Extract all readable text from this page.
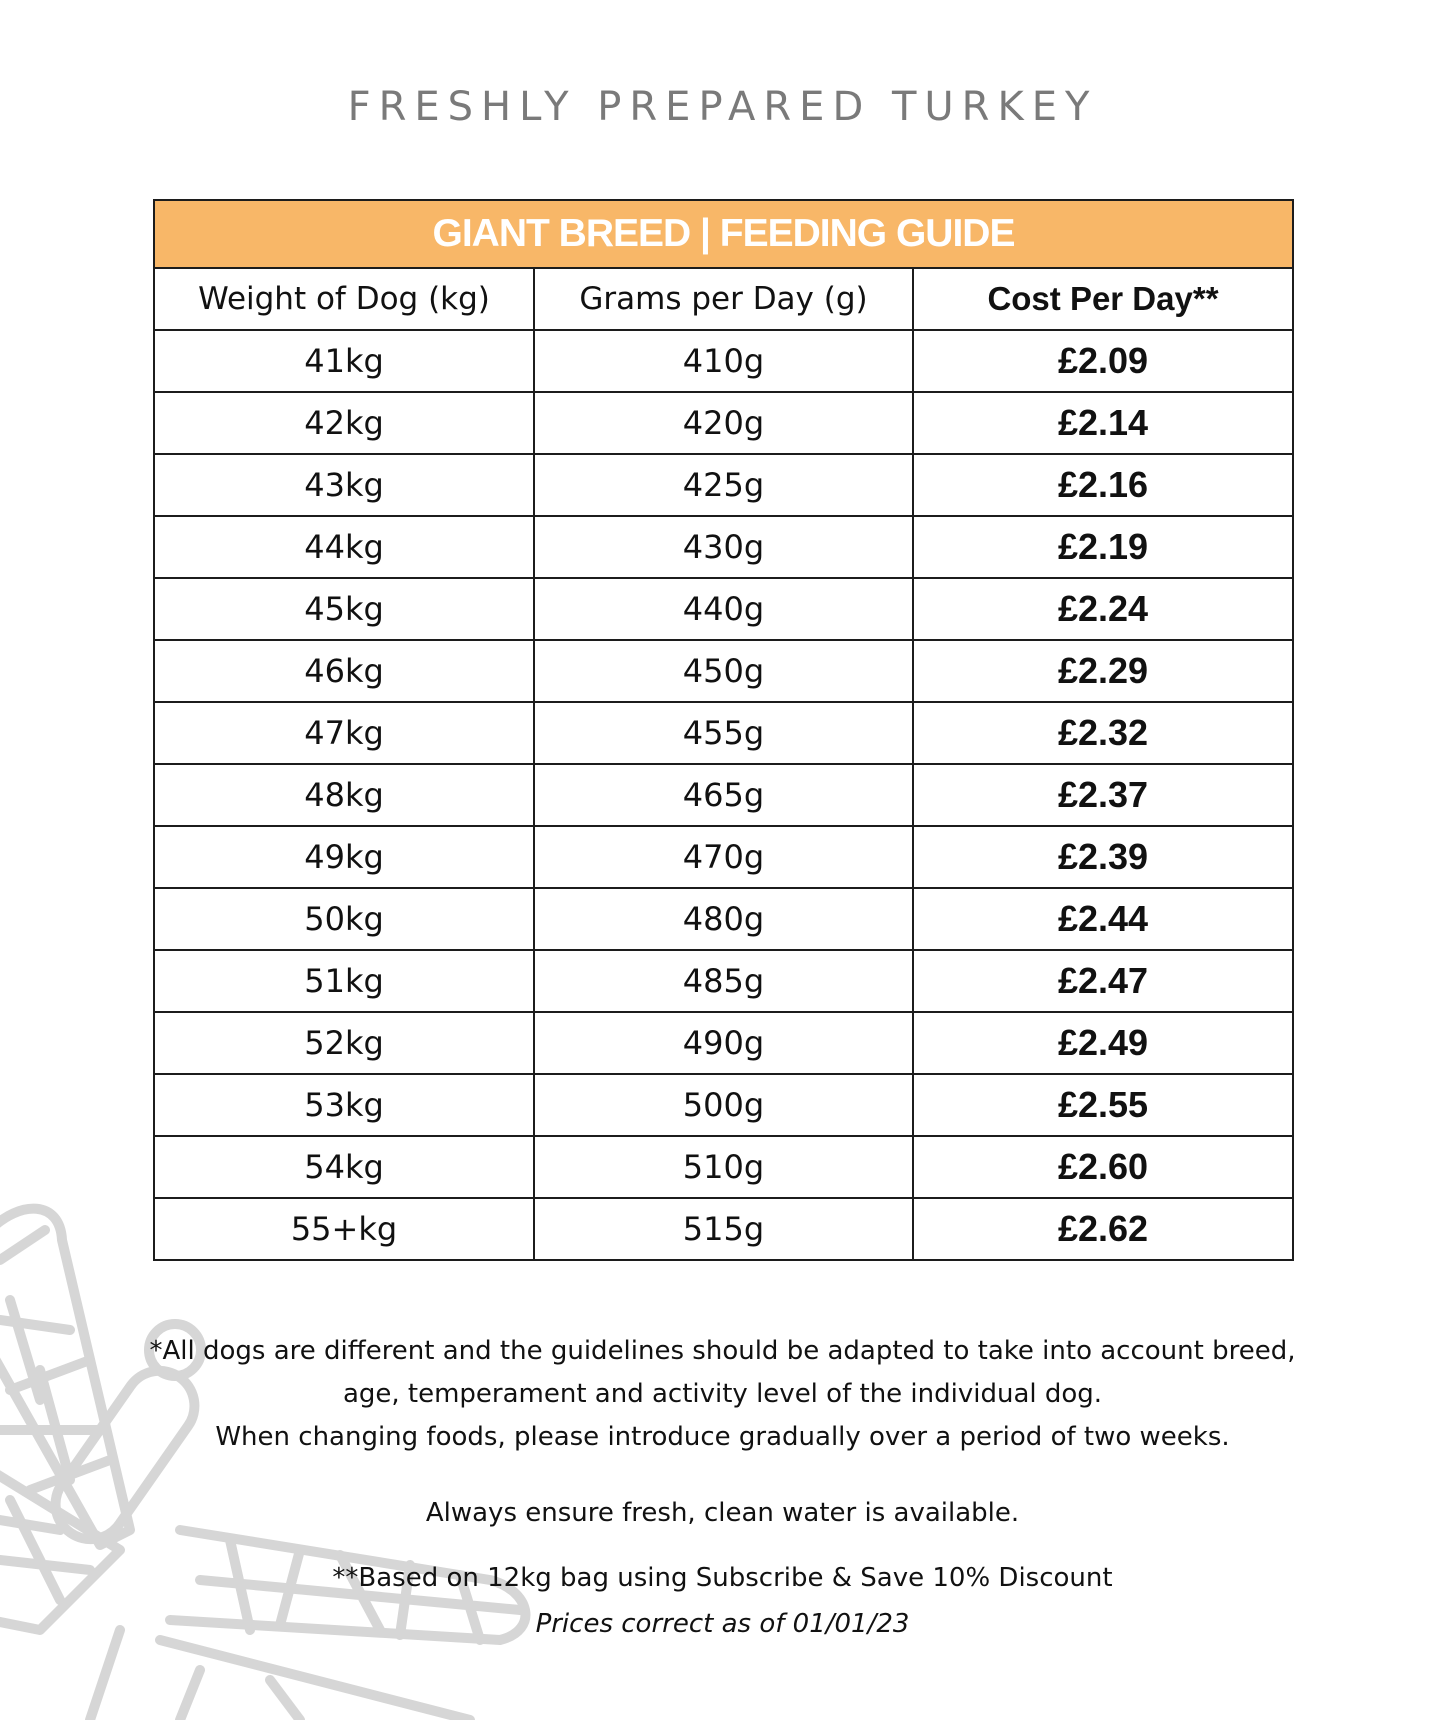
FRESHLY PREPARED TURKEY
GIANT BREED | FEEDING GUIDE		
Weight of Dog (kg)	Grams per Day (g)	Cost Per Day**
41kg	410g	£2.09
42kg	420g	£2.14
43kg	425g	£2.16
44kg	430g	£2.19
45kg	440g	£2.24
46kg	450g	£2.29
47kg	455g	£2.32
48kg	465g	£2.37
49kg	470g	£2.39
50kg	480g	£2.44
51kg	485g	£2.47
52kg	490g	£2.49
53kg	500g	£2.55
54kg	510g	£2.60
55+kg	515g	£2.62

*All dogs are different and the guidelines should be adapted to take into account breed,

age, temperament and activity level of the individual dog.

When changing foods, please introduce gradually over a period of two weeks.

Always ensure fresh, clean water is available.
**Based on 12kg bag using Subscribe & Save 10% Discount
Prices correct as of 01/01/23
